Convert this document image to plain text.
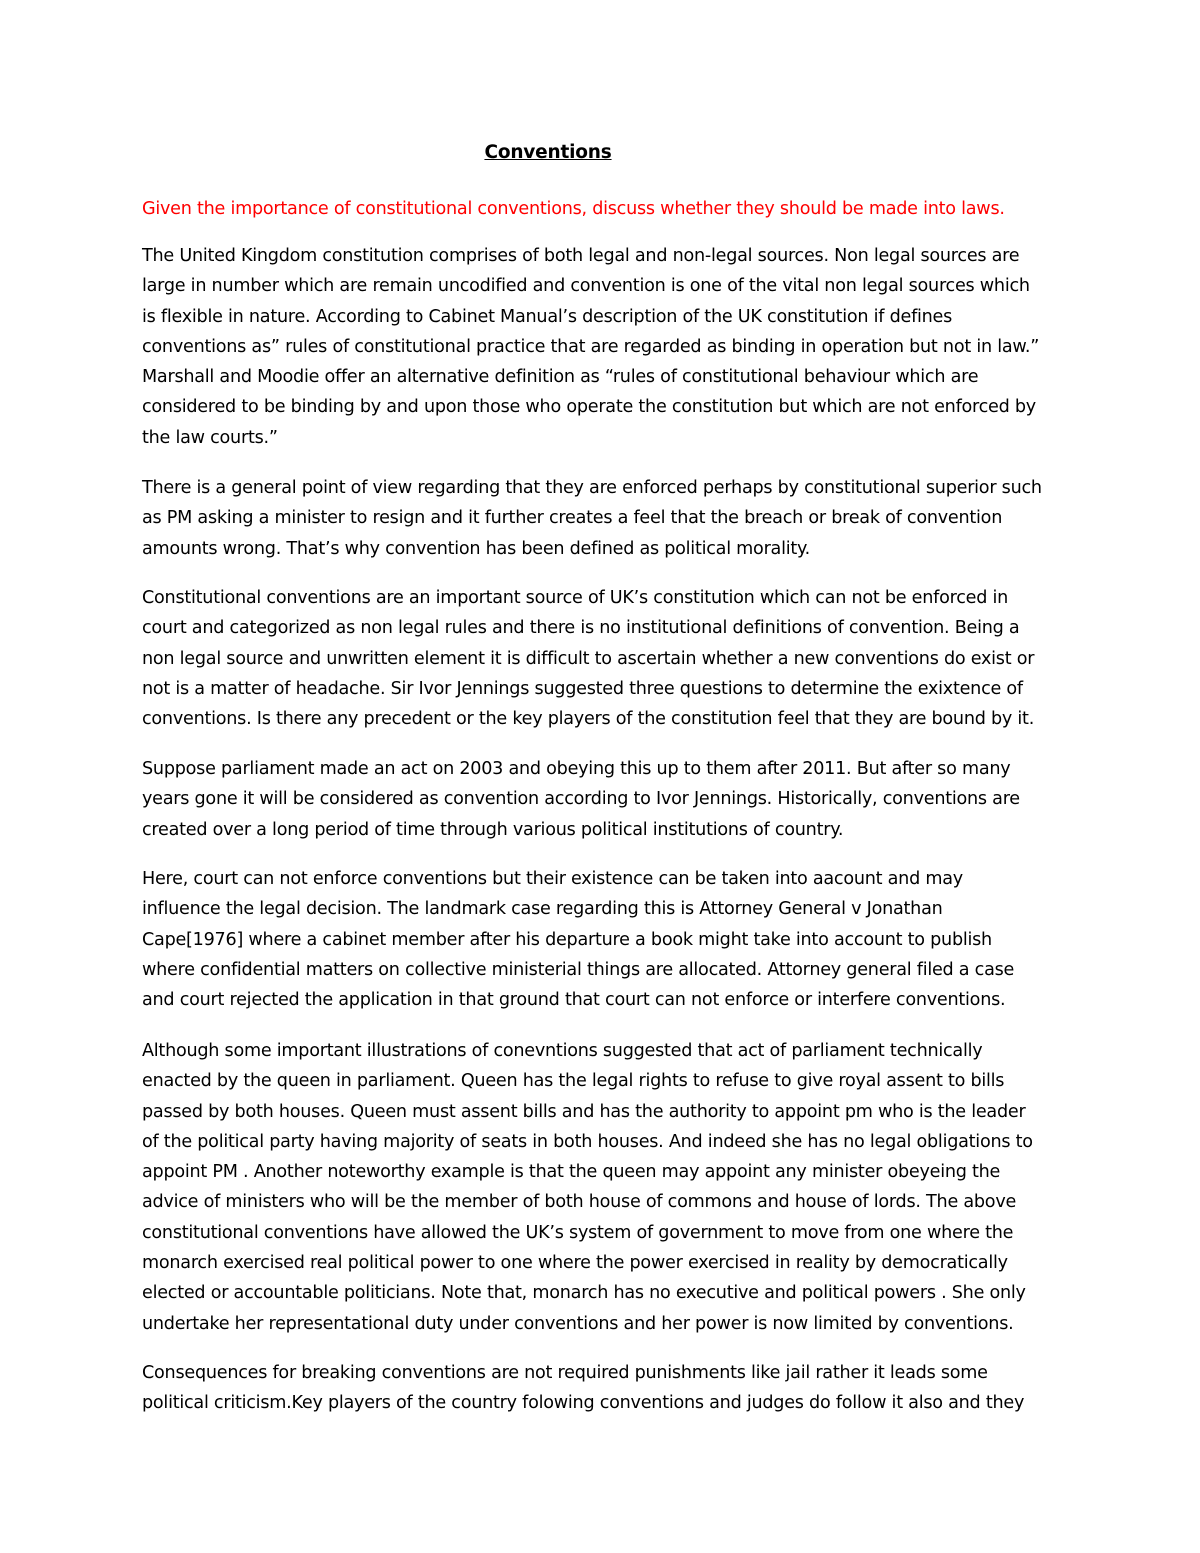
Conventions
Given the importance of constitutional conventions, discuss whether they should be made into laws.
The United Kingdom constitution comprises of both legal and non-legal sources. Non legal sources are
large in number which are remain uncodified and convention is one of the vital non legal sources which
is flexible in nature. According to Cabinet Manual’s description of the UK constitution if defines
conventions as” rules of constitutional practice that are regarded as binding in operation but not in law.”
Marshall and Moodie offer an alternative definition as “rules of constitutional behaviour which are
considered to be binding by and upon those who operate the constitution but which are not enforced by
the law courts.”
There is a general point of view regarding that they are enforced perhaps by constitutional superior such
as PM asking a minister to resign and it further creates a feel that the breach or break of convention
amounts wrong. That’s why convention has been defined as political morality.
Constitutional conventions are an important source of UK’s constitution which can not be enforced in
court and categorized as non legal rules and there is no institutional definitions of convention. Being a
non legal source and unwritten element it is difficult to ascertain whether a new conventions do exist or
not is a matter of headache. Sir Ivor Jennings suggested three questions to determine the exixtence of
conventions. Is there any precedent or the key players of the constitution feel that they are bound by it.
Suppose parliament made an act on 2003 and obeying this up to them after 2011. But after so many
years gone it will be considered as convention according to Ivor Jennings. Historically, conventions are
created over a long period of time through various political institutions of country.
Here, court can not enforce conventions but their existence can be taken into aacount and may
influence the legal decision. The landmark case regarding this is Attorney General v Jonathan
Cape[1976] where a cabinet member after his departure a book might take into account to publish
where confidential matters on collective ministerial things are allocated. Attorney general filed a case
and court rejected the application in that ground that court can not enforce or interfere conventions.
Although some important illustrations of conevntions suggested that act of parliament technically
enacted by the queen in parliament. Queen has the legal rights to refuse to give royal assent to bills
passed by both houses. Queen must assent bills and has the authority to appoint pm who is the leader
of the political party having majority of seats in both houses. And indeed she has no legal obligations to
appoint PM . Another noteworthy example is that the queen may appoint any minister obeyeing the
advice of ministers who will be the member of both house of commons and house of lords. The above
constitutional conventions have allowed the UK’s system of government to move from one where the
monarch exercised real political power to one where the power exercised in reality by democratically
elected or accountable politicians. Note that, monarch has no executive and political powers . She only
undertake her representational duty under conventions and her power is now limited by conventions.
Consequences for breaking conventions are not required punishments like jail rather it leads some
political criticism.Key players of the country folowing conventions and judges do follow it also and they
